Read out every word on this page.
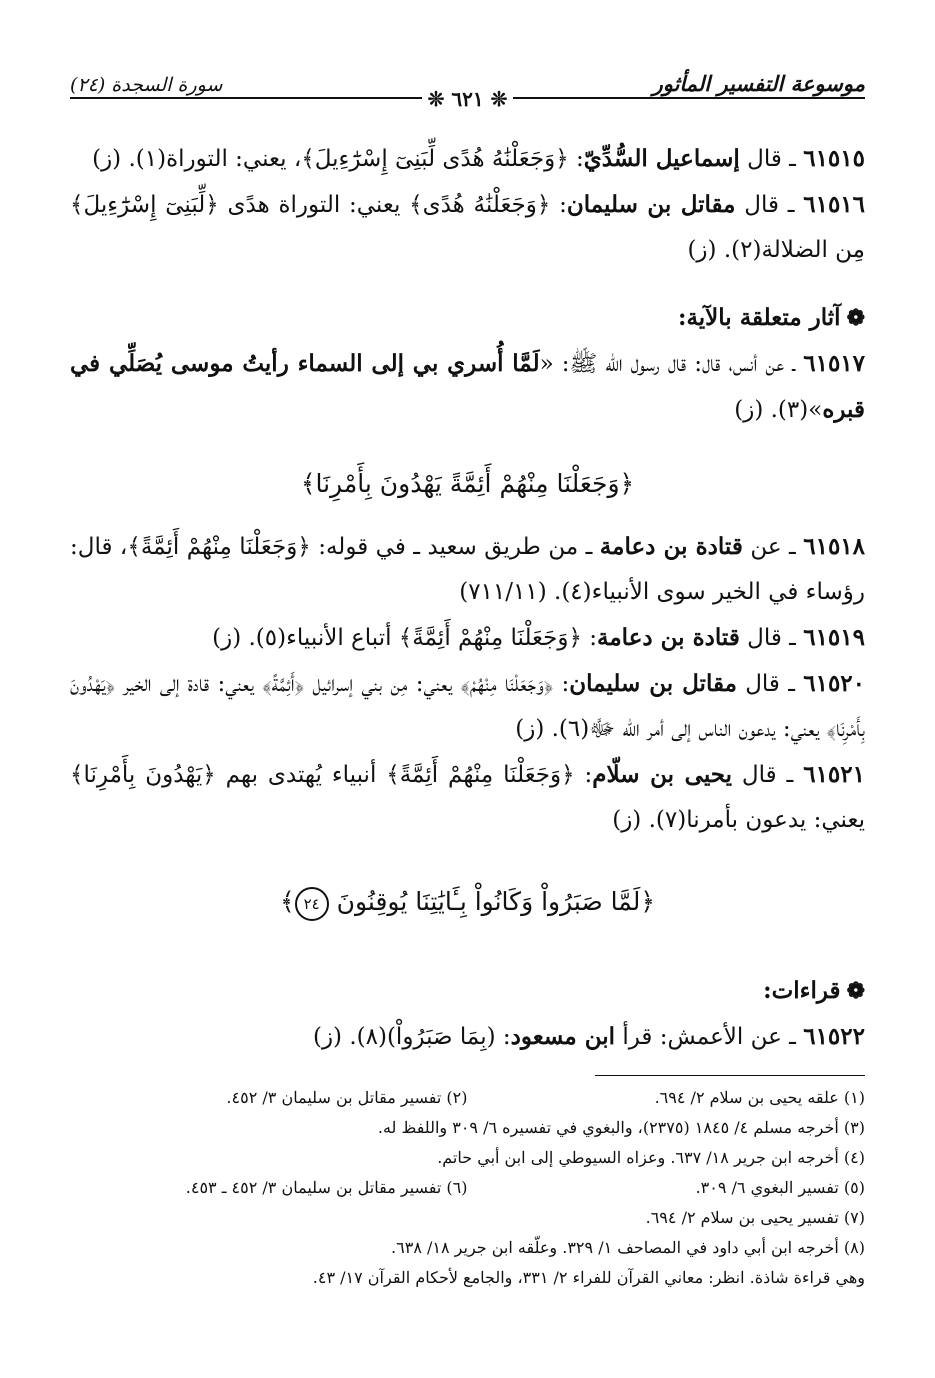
موسوعة التفسير المأثور
سورة السجدة (٢٤)
❊ ٦٢١ ❊

٦١٥١٥ ـ قال إسماعيل السُّدِّيّ: ﴿وَجَعَلْنَٰهُ هُدًى لِّبَنِىٓ إِسْرَٰٓءِيلَ﴾، يعني: التوراة(١). (ز)

٦١٥١٦ ـ قال مقاتل بن سليمان: ﴿وَجَعَلْنَٰهُ هُدًى﴾ يعني: التوراة هدًى ﴿لِّبَنِىٓ إِسْرَٰٓءِيلَ﴾ مِن الضلالة(٢). (ز)

❁آثار متعلقة بالآية:

٦١٥١٧ ـ عن أنس، قال: قال رسول الله ﷺ: «لَمَّا أُسري بي إلى السماء رأيتُ موسى يُصَلِّي في قبره»(٣). (ز)

﴿وَجَعَلْنَا مِنْهُمْ أَئِمَّةً يَهْدُونَ بِأَمْرِنَا﴾

٦١٥١٨ ـ عن قتادة بن دعامة ـ من طريق سعيد ـ في قوله: ﴿وَجَعَلْنَا مِنْهُمْ أَئِمَّةً﴾، قال: رؤساء في الخير سوى الأنبياء(٤). (٧١١/١١)

٦١٥١٩ ـ قال قتادة بن دعامة: ﴿وَجَعَلْنَا مِنْهُمْ أَئِمَّةً﴾ أتباع الأنبياء(٥). (ز)

٦١٥٢٠ ـ قال مقاتل بن سليمان: ﴿وَجَعَلْنَا مِنْهُمْ﴾ يعني: مِن بني إسرائيل ﴿أَئِمَّةً﴾ يعني: قادة إلى الخير ﴿يَهْدُونَ بِأَمْرِنَا﴾ يعني: يدعون الناس إلى أمر الله ﷻ(٦). (ز)

٦١٥٢١ ـ قال يحيى بن سلّام: ﴿وَجَعَلْنَا مِنْهُمْ أَئِمَّةً﴾ أنبياء يُهتدى بهم ﴿يَهْدُونَ بِأَمْرِنَا﴾ يعني: يدعون بأمرنا(٧). (ز)

﴿لَمَّا صَبَرُواْ وَكَانُواْ بِـَٔايَٰتِنَا يُوقِنُونَ ٢٤﴾
❁قراءات:

٦١٥٢٢ ـ عن الأعمش: قرأ ابن مسعود: (بِمَا صَبَرُواْ)(٨). (ز)

(١) علقه يحيى بن سلام ٢/ ٦٩٤.
(٢) تفسير مقاتل بن سليمان ٣/ ٤٥٢.
(٣) أخرجه مسلم ٤/ ١٨٤٥ (٢٣٧٥)، والبغوي في تفسيره ٦/ ٣٠٩ واللفظ له.
(٤) أخرجه ابن جرير ١٨/ ٦٣٧. وعزاه السيوطي إلى ابن أبي حاتم.
(٥) تفسير البغوي ٦/ ٣٠٩.
(٦) تفسير مقاتل بن سليمان ٣/ ٤٥٢ ـ ٤٥٣.
(٧) تفسير يحيى بن سلام ٢/ ٦٩٤.
(٨) أخرجه ابن أبي داود في المصاحف ١/ ٣٢٩. وعلّقه ابن جرير ١٨/ ٦٣٨.
وهي قراءة شاذة. انظر: معاني القرآن للفراء ٢/ ٣٣١، والجامع لأحكام القرآن ١٧/ ٤٣.
